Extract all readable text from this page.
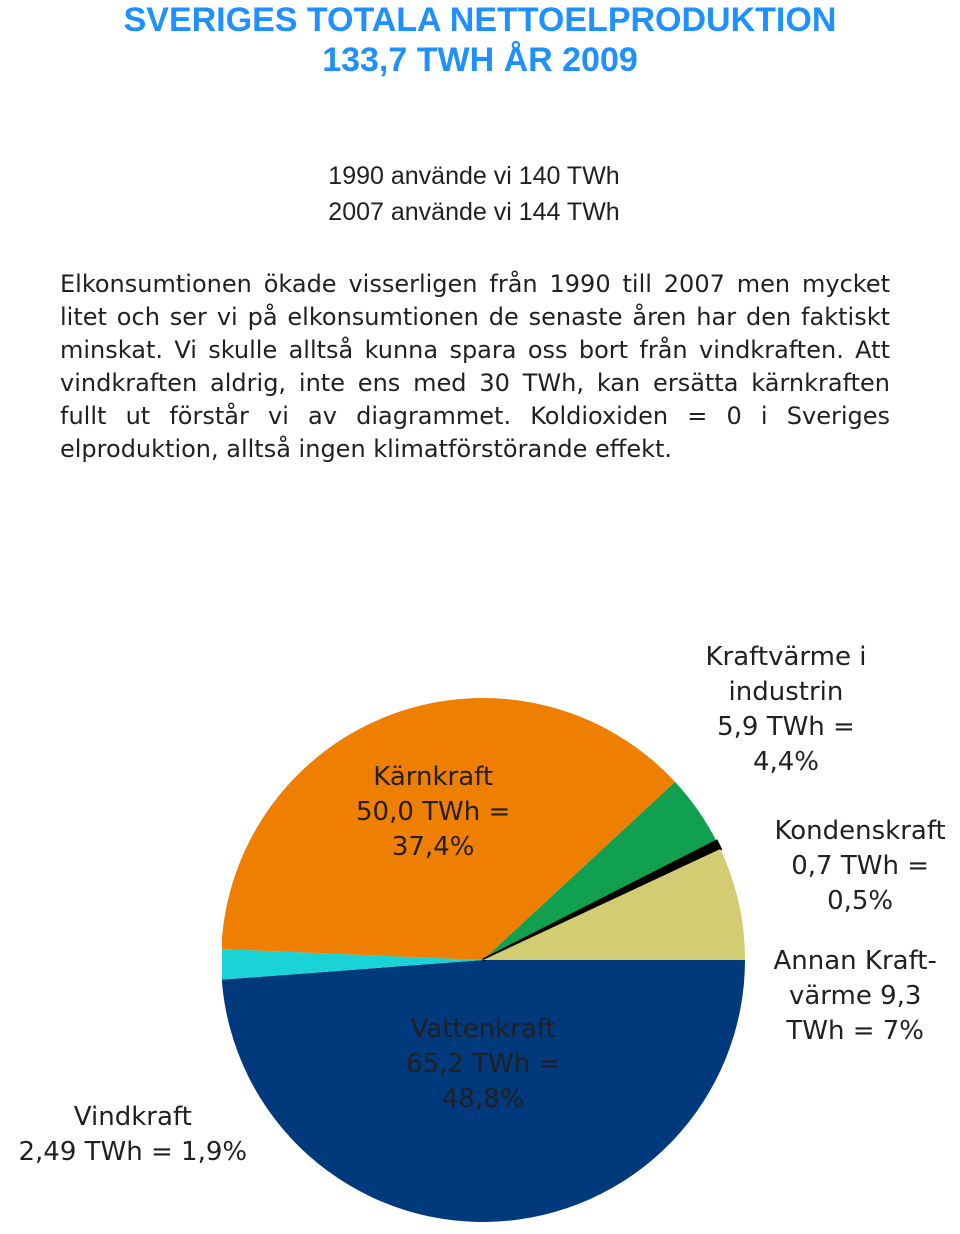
SVERIGES TOTALA NETTOELPRODUKTION
133,7 TWH ÅR 2009

1990 använde vi 140 TWh

2007 använde vi 144 TWh

Elkonsumtionen ökade visserligen från 1990 till 2007 men mycket litet och ser vi på elkonsumtionen de senaste åren har den faktiskt minskat. Vi skulle alltså kunna spara oss bort från vindkraften. Att vindkraften aldrig, inte ens med 30 TWh, kan ersätta kärnkraften fullt ut förstår vi av diagrammet. Koldioxiden = 0 i Sveriges elproduktion, alltså ingen klimatförstörande effekt.

Vattenkraft
65,2 TWh =
48,8%
Vindkraft
2,49 TWh = 1,9%
Kärnkraft
50,0 TWh =
37,4%
Kraftvärme i
industrin
5,9 TWh =
4,4%
Kondenskraft
0,7 TWh =
0,5%
Annan Kraft-
värme 9,3
TWh = 7%
